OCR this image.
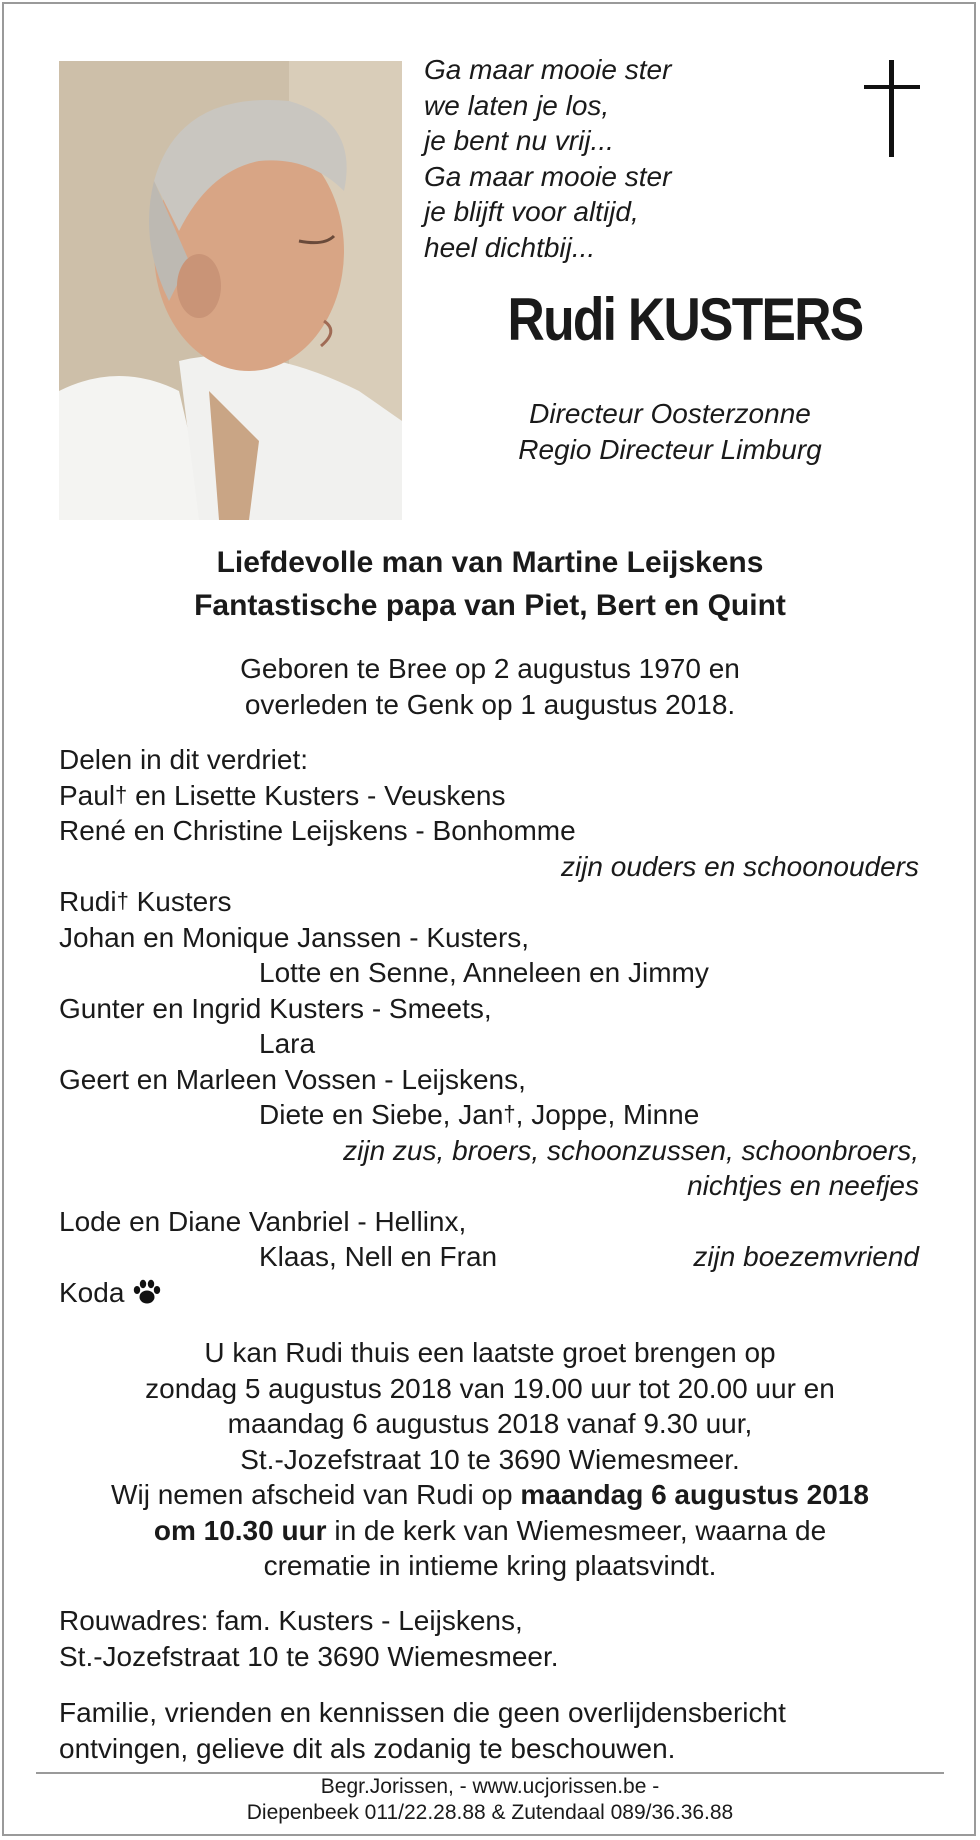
Ga maar mooie ster
we laten je los,
je bent nu vrij...
Ga maar mooie ster
je blijft voor altijd,
heel dichtbij...
Rudi KUSTERS
Directeur Oosterzonne
Regio Directeur Limburg
Liefdevolle man van Martine Leijskens
Fantastische papa van Piet, Bert en Quint
Geboren te Bree op 2 augustus 1970 en
overleden te Genk op 1 augustus 2018.
Delen in dit verdriet:
Paul† en Lisette Kusters - Veuskens
René en Christine Leijskens - Bonhomme
zijn ouders en schoonouders
Rudi† Kusters
Johan en Monique Janssen - Kusters,
Lotte en Senne, Anneleen en Jimmy
Gunter en Ingrid Kusters - Smeets,
Lara
Geert en Marleen Vossen - Leijskens,
Diete en Siebe, Jan†, Joppe, Minne
zijn zus, broers, schoonzussen, schoonbroers,
nichtjes en neefjes
Lode en Diane Vanbriel - Hellinx,
Klaas, Nell en Fran	zijn boezemvriend
Koda
U kan Rudi thuis een laatste groet brengen op
zondag 5 augustus 2018 van 19.00 uur tot 20.00 uur en
maandag 6 augustus 2018 vanaf 9.30 uur,
St.-Jozefstraat 10 te 3690 Wiemesmeer.
Wij nemen afscheid van Rudi op maandag 6 augustus 2018
om 10.30 uur in de kerk van Wiemesmeer, waarna de
crematie in intieme kring plaatsvindt.
Rouwadres: fam. Kusters - Leijskens,
St.-Jozefstraat 10 te 3690 Wiemesmeer.
Familie, vrienden en kennissen die geen overlijdensbericht
ontvingen, gelieve dit als zodanig te beschouwen.
Begr.Jorissen, - www.ucjorissen.be -
Diepenbeek 011/22.28.88 & Zutendaal 089/36.36.88
